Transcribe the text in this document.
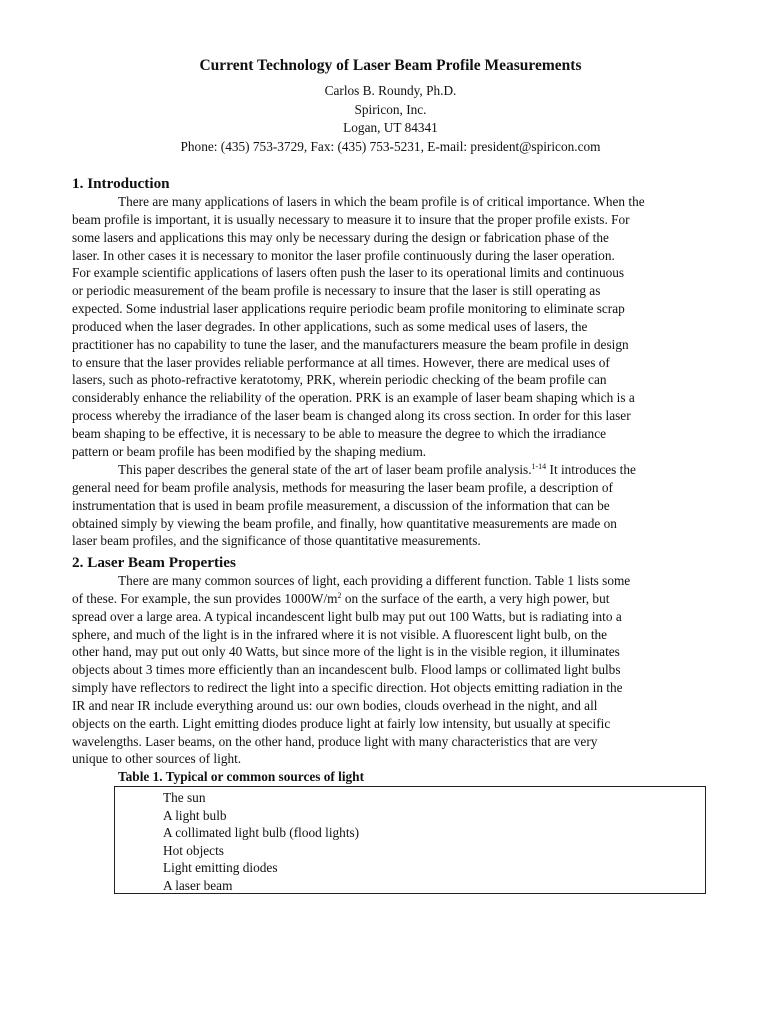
Current Technology of Laser Beam Profile Measurements
Carlos B. Roundy, Ph.D.
Spiricon, Inc.
Logan, UT 84341
Phone: (435) 753-3729, Fax: (435) 753-5231, E-mail: president@spiricon.com
1. Introduction

There are many applications of lasers in which the beam profile is of critical importance. When the
beam profile is important, it is usually necessary to measure it to insure that the proper profile exists. For
some lasers and applications this may only be necessary during the design or fabrication phase of the
laser. In other cases it is necessary to monitor the laser profile continuously during the laser operation.
For example scientific applications of lasers often push the laser to its operational limits and continuous
or periodic measurement of the beam profile is necessary to insure that the laser is still operating as
expected. Some industrial laser applications require periodic beam profile monitoring to eliminate scrap
produced when the laser degrades. In other applications, such as some medical uses of lasers, the
practitioner has no capability to tune the laser, and the manufacturers measure the beam profile in design
to ensure that the laser provides reliable performance at all times. However, there are medical uses of
lasers, such as photo-refractive keratotomy, PRK, wherein periodic checking of the beam profile can
considerably enhance the reliability of the operation. PRK is an example of laser beam shaping which is a
process whereby the irradiance of the laser beam is changed along its cross section. In order for this laser
beam shaping to be effective, it is necessary to be able to measure the degree to which the irradiance
pattern or beam profile has been modified by the shaping medium.

This paper describes the general state of the art of laser beam profile analysis.$^{1-14}$ It introduces the
general need for beam profile analysis, methods for measuring the laser beam profile, a description of
instrumentation that is used in beam profile measurement, a discussion of the information that can be
obtained simply by viewing the beam profile, and finally, how quantitative measurements are made on
laser beam profiles, and the significance of those quantitative measurements.

2. Laser Beam Properties

There are many common sources of light, each providing a different function. Table 1 lists some
of these. For example, the sun provides $1000W/m^2$ on the surface of the earth, a very high power, but
spread over a large area. A typical incandescent light bulb may put out 100 Watts, but is radiating into a
sphere, and much of the light is in the infrared where it is not visible. A fluorescent light bulb, on the
other hand, may put out only 40 Watts, but since more of the light is in the visible region, it illuminates
objects about 3 times more efficiently than an incandescent bulb. Flood lamps or collimated light bulbs
simply have reflectors to redirect the light into a specific direction. Hot objects emitting radiation in the
IR and near IR include everything around us: our own bodies, clouds overhead in the night, and all
objects on the earth. Light emitting diodes produce light at fairly low intensity, but usually at specific
wavelengths. Laser beams, on the other hand, produce light with many characteristics that are very
unique to other sources of light.

Table 1. Typical or common sources of light
The sun
A light bulb
A collimated light bulb (flood lights)
Hot objects
Light emitting diodes
A laser beam
